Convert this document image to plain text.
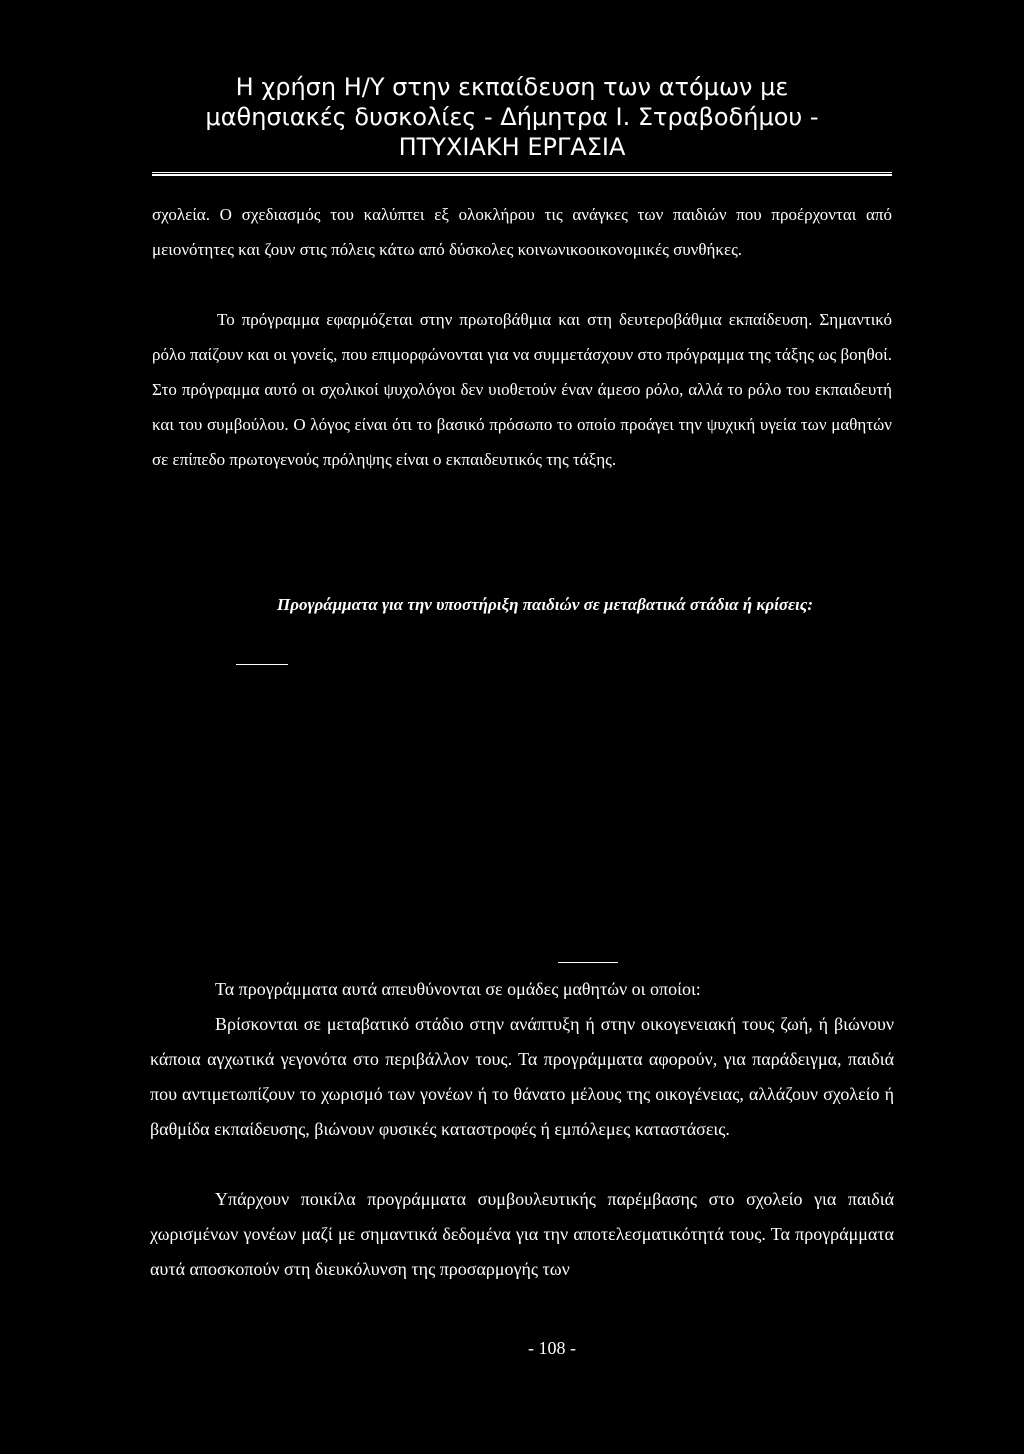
Η χρήση Η/Υ στην εκπαίδευση των ατόμων με
μαθησιακές δυσκολίες - Δήμητρα Ι. Στραβοδήμου -
ΠΤΥΧΙΑΚΗ ΕΡΓΑΣΙΑ

σχολεία. Ο σχεδιασμός του καλύπτει εξ ολοκλήρου τις ανάγκες των παιδιών που προέρχονται από μειονότητες και ζουν στις πόλεις κάτω από δύσκολες κοινωνικοοικονομικές συνθήκες.

Το πρόγραμμα εφαρμόζεται στην πρωτοβάθμια και στη δευτεροβάθμια εκπαίδευση. Σημαντικό ρόλο παίζουν και οι γονείς, που επιμορφώνονται για να συμμετάσχουν στο πρόγραμμα της τάξης ως βοηθοί. Στο πρόγραμμα αυτό οι σχολικοί ψυχολόγοι δεν υιοθετούν έναν άμεσο ρόλο, αλλά το ρόλο του εκπαιδευτή και του συμβούλου. Ο λόγος είναι ότι το βασικό πρόσωπο το οποίο προάγει την ψυχική υγεία των μαθητών σε επίπεδο πρωτογενούς πρόληψης είναι ο εκπαιδευτικός της τάξης.

Προγράμματα για την υποστήριξη παιδιών σε μεταβατικά στάδια ή κρίσεις:

Τα προγράμματα αυτά απευθύνονται σε ομάδες μαθητών οι οποίοι:

Βρίσκονται σε μεταβατικό στάδιο στην ανάπτυξη ή στην οικογενειακή τους ζωή, ή βιώνουν κάποια αγχωτικά γεγονότα στο περιβάλλον τους. Τα προγράμματα αφορούν, για παράδειγμα, παιδιά που αντιμετωπίζουν το χωρισμό των γονέων ή το θάνατο μέλους της οικογένειας, αλλάζουν σχολείο ή βαθμίδα εκπαίδευσης, βιώνουν φυσικές καταστροφές ή εμπόλεμες καταστάσεις.

Υπάρχουν ποικίλα προγράμματα συμβουλευτικής παρέμβασης στο σχολείο για παιδιά χωρισμένων γονέων μαζί με σημαντικά δεδομένα για την αποτελεσματικότητά τους. Τα προγράμματα αυτά αποσκοπούν στη διευκόλυνση της προσαρμογής των

- 108 -
